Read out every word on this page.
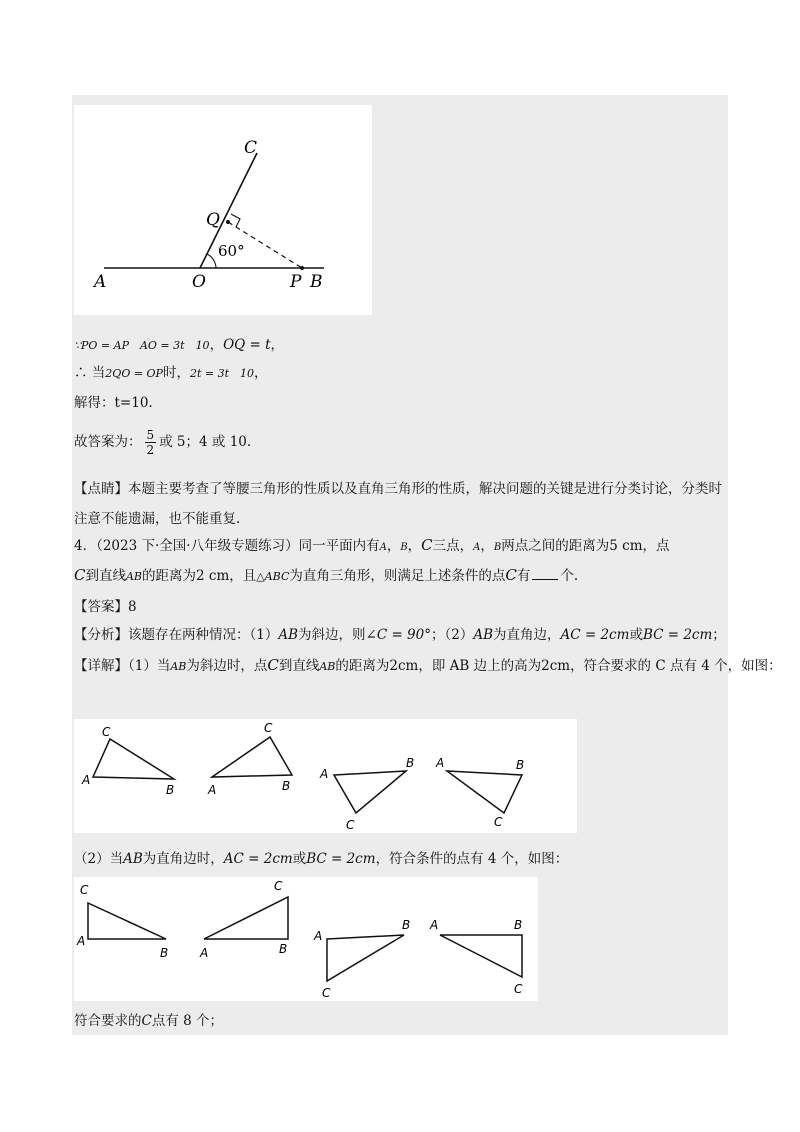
C
Q
60°
A	O	P B
∵PO = AP　AO = 3t　10，OQ = t，
∴ 当2QO = OP时，2t = 3t　10，
解得：t=10.
故答案为： $\frac{5}{2}$ 或 5；4 或 10.
【点睛】本题主要考查了等腰三角形的性质以及直角三角形的性质，解决问题的关键是进行分类讨论，分类时注意不能遗漏，也不能重复.
4．（2023 下·全国·八年级专题练习）同一平面内有A，B，C三点，A，B两点之间的距离为5 cm，点
C到直线AB的距离为2 cm，且△ABC为直角三角形，则满足上述条件的点C有 个.
【答案】8
【分析】该题存在两种情况：（1）AB为斜边，则∠C = 90°；（2）AB为直角边，AC = 2cm或BC = 2cm；
【详解】（1）当AB为斜边时，点C到直线AB的距离为2cm，即 AB 边上的高为2cm，符合要求的 C 点有 4 个，如图：
C
A
B
C
A	B
A
B
C
A	B
C
（2）当AB为直角边时，AC = 2cm或BC = 2cm，符合条件的点有 4 个，如图：
C
A
B
C
A	B
A
B
C
A	B
C
符合要求的C点有 8 个；
